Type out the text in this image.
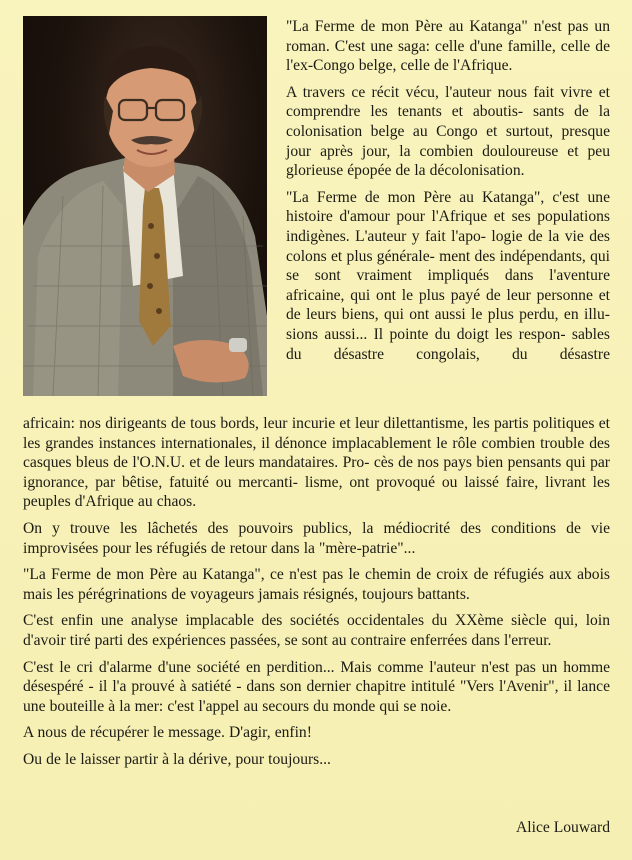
"La Ferme de mon Père au Katanga" n'est pas un roman. C'est une saga: celle d'une famille, celle de l'ex-Congo belge, celle de l'Afrique.

A travers ce récit vécu, l'auteur nous fait vivre et comprendre les tenants et aboutis- sants de la colonisation belge au Congo et surtout, presque jour après jour, la combien douloureuse et peu glorieuse épopée de la décolonisation.

"La Ferme de mon Père au Katanga", c'est une histoire d'amour pour l'Afrique et ses populations indigènes. L'auteur y fait l'apo- logie de la vie des colons et plus générale- ment des indépendants, qui se sont vraiment impliqués dans l'aventure africaine, qui ont le plus payé de leur personne et de leurs biens, qui ont aussi le plus perdu, en illu- sions aussi... Il pointe du doigt les respon- sables du désastre congolais, du désastre

africain: nos dirigeants de tous bords, leur incurie et leur dilettantisme, les partis politiques et les grandes instances internationales, il dénonce implacablement le rôle combien trouble des casques bleus de l'O.N.U. et de leurs mandataires. Pro- cès de nos pays bien pensants qui par ignorance, par bêtise, fatuité ou mercanti- lisme, ont provoqué ou laissé faire, livrant les peuples d'Afrique au chaos.

On y trouve les lâchetés des pouvoirs publics, la médiocrité des conditions de vie improvisées pour les réfugiés de retour dans la "mère-patrie"...

"La Ferme de mon Père au Katanga", ce n'est pas le chemin de croix de réfugiés aux abois mais les pérégrinations de voyageurs jamais résignés, toujours battants.

C'est enfin une analyse implacable des sociétés occidentales du XXème siècle qui, loin d'avoir tiré parti des expériences passées, se sont au contraire enferrées dans l'erreur.

C'est le cri d'alarme d'une société en perdition... Mais comme l'auteur n'est pas un homme désespéré - il l'a prouvé à satiété - dans son dernier chapitre intitulé "Vers l'Avenir", il lance une bouteille à la mer: c'est l'appel au secours du monde qui se noie.

A nous de récupérer le message. D'agir, enfin!

Ou de le laisser partir à la dérive, pour toujours...

Alice Louward
